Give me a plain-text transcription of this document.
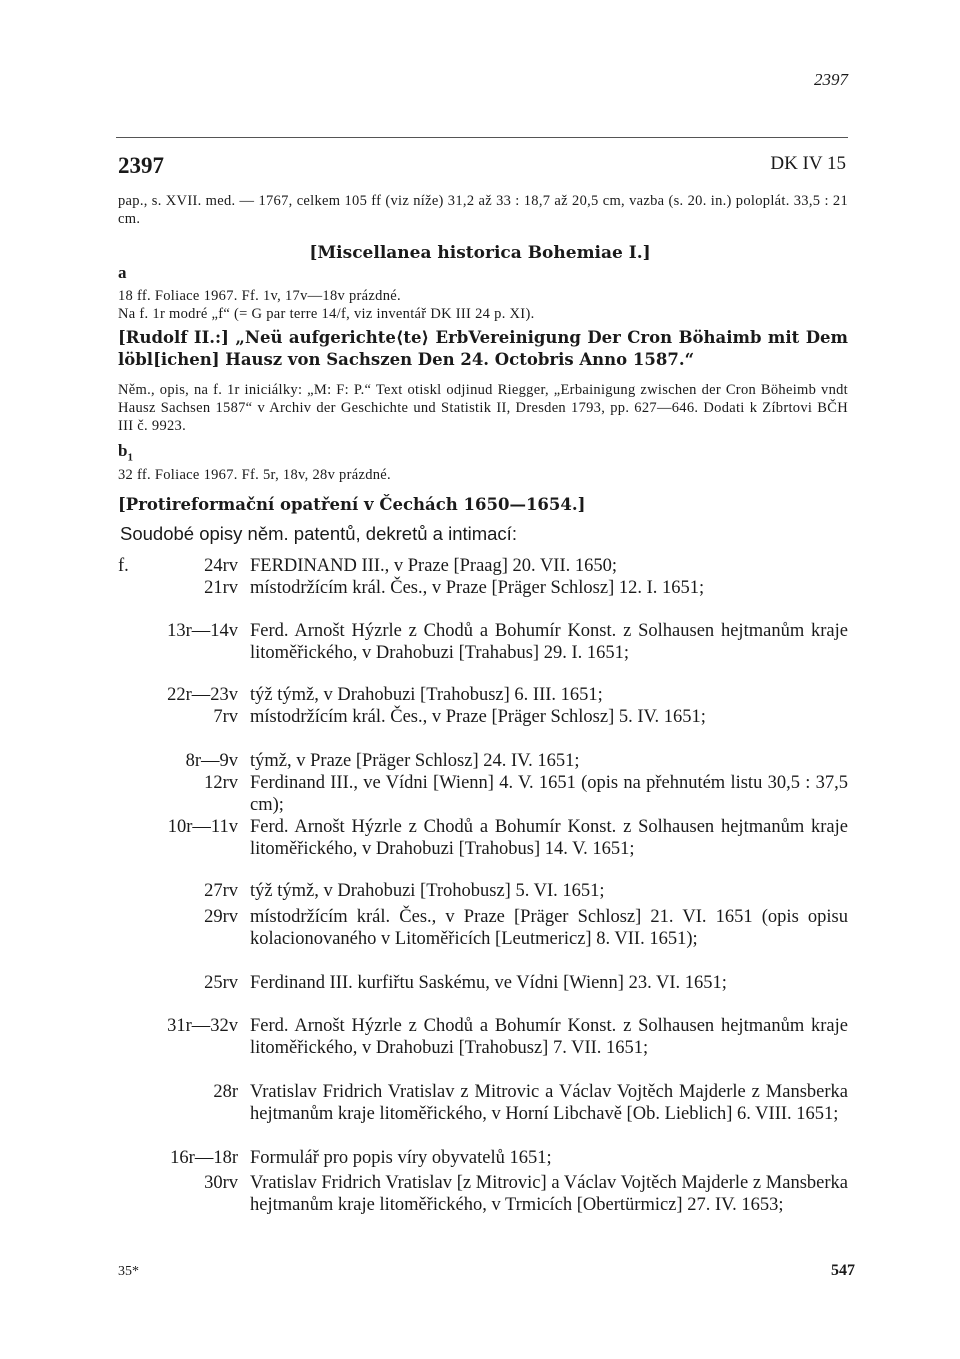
2397
2397	DK IV 15
pap., s. XVII. med. — 1767, celkem 105 ff (viz níže) 31,2 až 33 : 18,7 až 20,5 cm, vazba (s. 20. in.) poloplát. 33,5 : 21 cm.
[Miscellanea historica Bohemiae I.]
a
18 ff. Foliace 1967. Ff. 1v, 17v—18v prázdné.
Na f. 1r modré „f“ (= G par terre 14/f, viz inventář DK III 24 p. XI).
[Rudolf II.:] „Neü aufgerichte⟨te⟩ ErbVereinigung Der Cron Böhaimb mit Dem löbl[ichen] Hausz von Sachszen Den 24. Octobris Anno 1587.“
Něm., opis, na f. 1r iniciálky: „M: F: P.“ Text otiskl odjinud Riegger, „Erbainigung zwischen der Cron Böheimb vndt Hausz Sachsen 1587“ v Archiv der Geschichte und Statistik II, Dresden 1793, pp. 627—646. Dodati k Zíbrtovi BČH III č. 9923.
$b_1$
32 ff. Foliace 1967. Ff. 5r, 18v, 28v prázdné.
[Protireformační opatření v Čechách 1650—1654.]
Soudobé opisy něm. patentů, dekretů a intimací:
f.	24rv FERDINAND III., v Praze [Praag] 20. VII. 1650;
21rv místodržícím král. Čes., v Praze [Präger Schlosz] 12. I. 1651;
13r—14v Ferd. Arnošt Hýzrle z Chodů a Bohumír Konst. z Solhausen hejtmanům kraje litoměřického, v Drahobuzi [Trahabus] 29. I. 1651;
22r—23v týž týmž, v Drahobuzi [Trahobusz] 6. III. 1651;
7rv místodržícím král. Čes., v Praze [Präger Schlosz] 5. IV. 1651;
8r—9v týmž, v Praze [Präger Schlosz] 24. IV. 1651;
12rv Ferdinand III., ve Vídni [Wienn] 4. V. 1651 (opis na přehnutém listu 30,5 : 37,5 cm);
10r—11v Ferd. Arnošt Hýzrle z Chodů a Bohumír Konst. z Solhausen hejtmanům kraje litoměřického, v Drahobuzi [Trahobus] 14. V. 1651;
27rv týž týmž, v Drahobuzi [Trohobusz] 5. VI. 1651;
29rv místodržícím král. Čes., v Praze [Präger Schlosz] 21. VI. 1651 (opis opisu kolacionovaného v Litoměřicích [Leutmericz] 8. VII. 1651);
25rv Ferdinand III. kurfiřtu Saskému, ve Vídni [Wienn] 23. VI. 1651;
31r—32v Ferd. Arnošt Hýzrle z Chodů a Bohumír Konst. z Solhausen hejtmanům kraje litoměřického, v Drahobuzi [Trahobusz] 7. VII. 1651;
28r Vratislav Fridrich Vratislav z Mitrovic a Václav Vojtěch Majderle z Mansberka hejtmanům kraje litoměřického, v Horní Libchavě [Ob. Lieblich] 6. VIII. 1651;
16r—18r Formulář pro popis víry obyvatelů 1651;
30rv Vratislav Fridrich Vratislav [z Mitrovic] a Václav Vojtěch Majderle z Mansberka hejtmanům kraje litoměřického, v Trmicích [Obertürmicz] 27. IV. 1653;
35*	547
